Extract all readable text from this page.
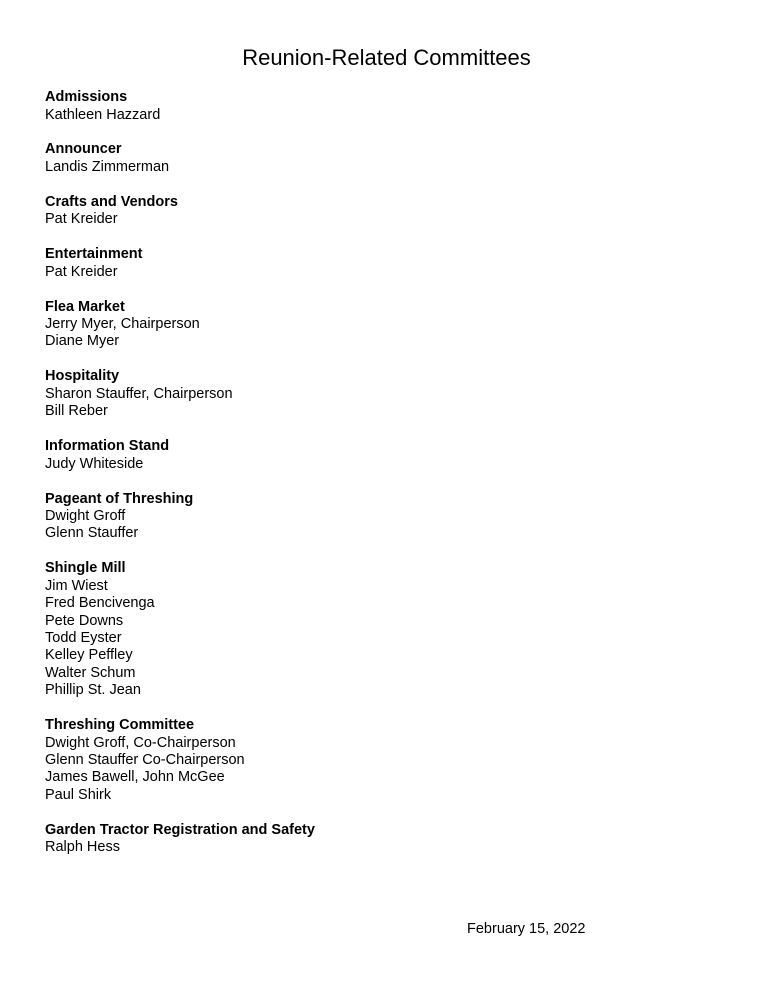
Reunion-Related Committees
Admissions
Kathleen Hazzard
Announcer
Landis Zimmerman
Crafts and Vendors
Pat Kreider
Entertainment
Pat Kreider
Flea Market
Jerry Myer, Chairperson
Diane Myer
Hospitality
Sharon Stauffer, Chairperson
Bill Reber
Information Stand
Judy Whiteside
Pageant of Threshing
Dwight Groff
Glenn Stauffer
Shingle Mill
Jim Wiest
Fred Bencivenga
Pete Downs
Todd Eyster
Kelley Peffley
Walter Schum
Phillip St. Jean
Threshing Committee
Dwight Groff, Co-Chairperson
Glenn Stauffer Co-Chairperson
James Bawell, John McGee
Paul Shirk
Garden Tractor Registration and Safety
Ralph Hess
February 15, 2022
